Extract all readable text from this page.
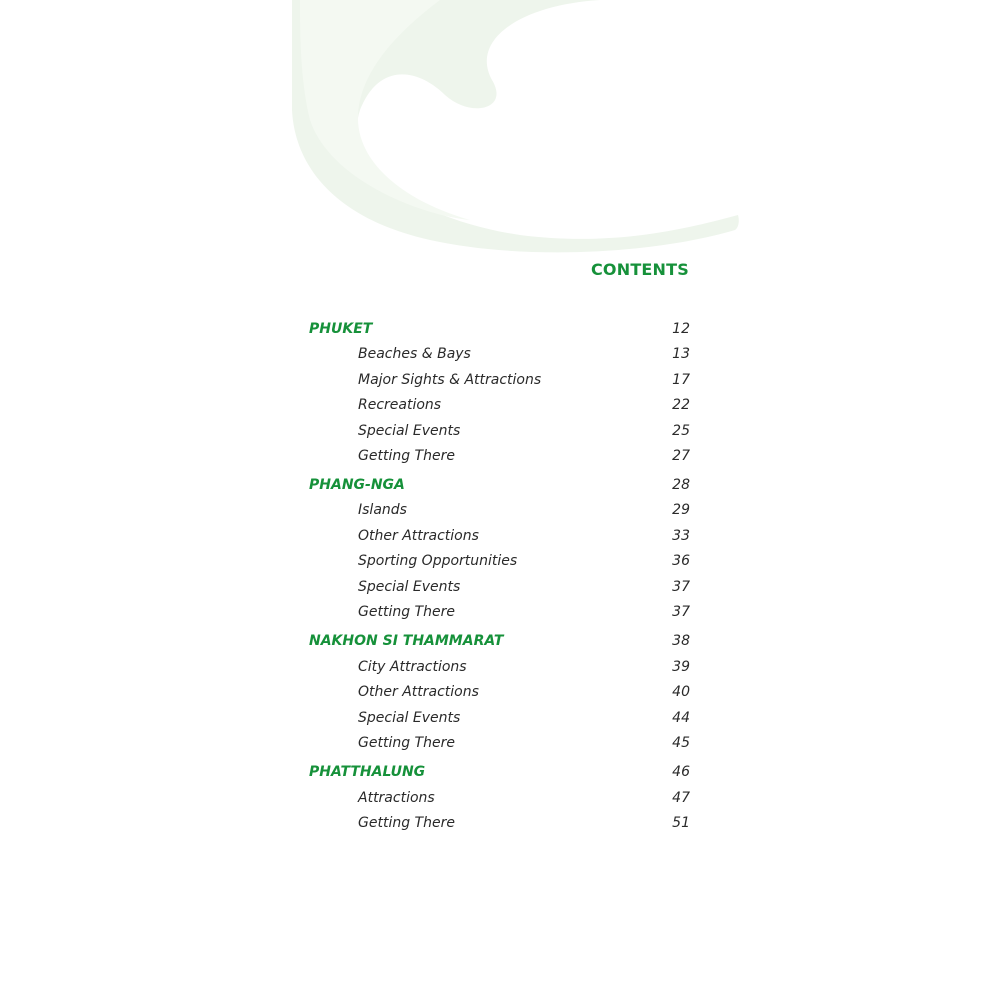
CONTENTS
PHUKET	12
Beaches & Bays	13
Major Sights & Attractions	17
Recreations	22
Special Events	25
Getting There	27
PHANG-NGA	28
Islands	29
Other Attractions	33
Sporting Opportunities	36
Special Events	37
Getting There	37
NAKHON SI THAMMARAT	38
City Attractions	39
Other Attractions	40
Special Events	44
Getting There	45
PHATTHALUNG	46
Attractions	47
Getting There	51
